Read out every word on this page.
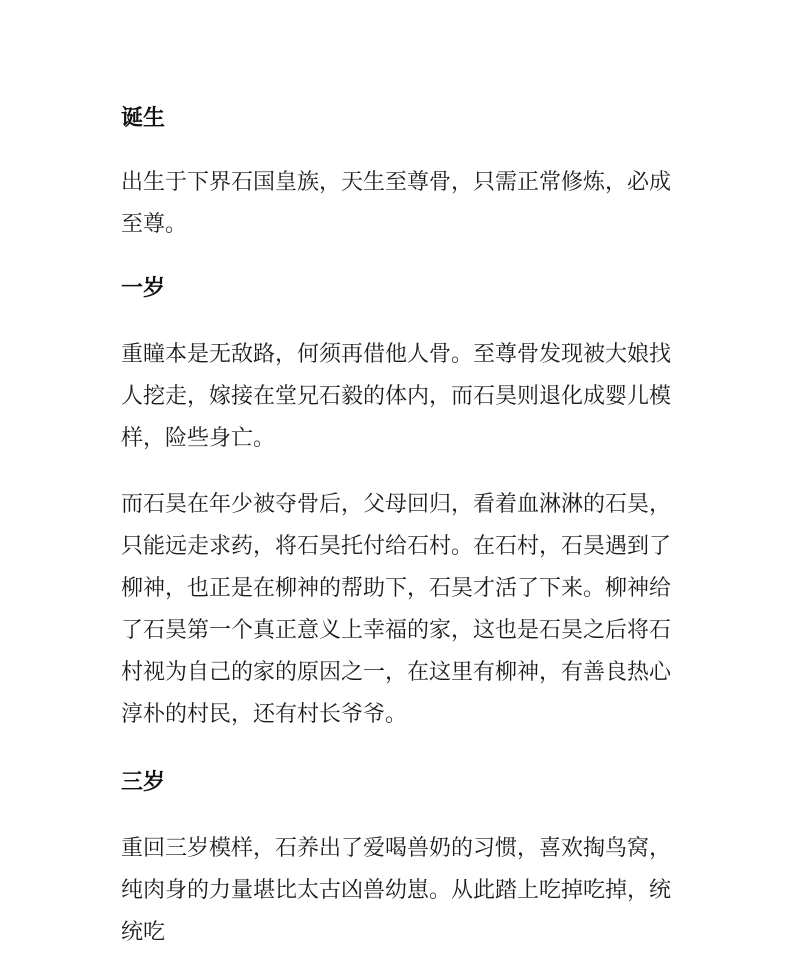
诞生

出生于下界石国皇族，天生至尊骨，只需正常修炼，必成至尊。

一岁

重瞳本是无敌路，何须再借他人骨。至尊骨发现被大娘找人挖走，嫁接在堂兄石毅的体内，而石昊则退化成婴儿模样，险些身亡。

而石昊在年少被夺骨后，父母回归，看着血淋淋的石昊，只能远走求药，将石昊托付给石村。在石村，石昊遇到了柳神，也正是在柳神的帮助下，石昊才活了下来。柳神给了石昊第一个真正意义上幸福的家，这也是石昊之后将石村视为自己的家的原因之一，在这里有柳神，有善良热心淳朴的村民，还有村长爷爷。

三岁

重回三岁模样，石养出了爱喝兽奶的习惯，喜欢掏鸟窝，纯肉身的力量堪比太古凶兽幼崽。从此踏上吃掉吃掉，统统吃
